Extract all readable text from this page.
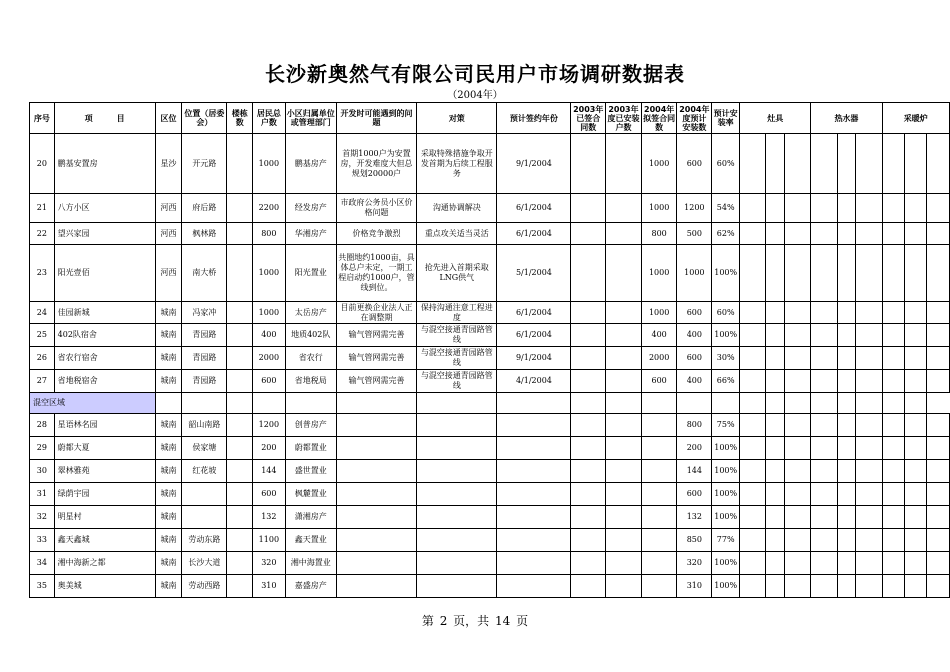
长沙新奥然气有限公司民用户市场调研数据表
（2004年）
序号	项　　　目	区位	位置（居委会）	楼栋数	居民总户数	小区归属单位或管理部门	开发时可能遇到的问题	对策	预计签约年份	2003年已签合同数	2003年度已安装户数	2004年拟签合同数	2004年度预计安装数	预计安装率	灶具			热水器			采暖炉		
20	鹏基安置房	星沙	开元路		1000	鹏基房产	首期1000户为安置房，开发难度大但总规划20000户	采取特殊措施争取开发首期为后续工程服务	9/1/2004			1000	600	60%									
21	八方小区	河西	府后路		2200	经发房产	市政府公务员小区价格问题	沟通协调解决	6/1/2004			1000	1200	54%									
22	望兴家园	河西	枫林路		800	华湘房产	价格竞争激烈	重点攻关适当灵活	6/1/2004			800	500	62%									
23	阳光壹佰	河西	南大桥		1000	阳光置业	共圈地约1000亩，具体总户未定，一期工程启动约1000户，管线到位。	抢先进入首期采取LNG供气	5/1/2004			1000	1000	100%									
24	佳园新城	城南	冯家冲		1000	太岳房产	目前更换企业法人正在调整期	保持沟通注意工程进度	6/1/2004			1000	600	60%									
25	402队宿舍	城南	青园路		400	地质402队	输气管网需完善	与混空接通青园路管线	6/1/2004			400	400	100%									
26	省农行宿舍	城南	青园路		2000	省农行	输气管网需完善	与混空接通青园路管线	9/1/2004			2000	600	30%									
27	省地税宿舍	城南	青园路		600	省地税局	输气管网需完善	与混空接通青园路管线	4/1/2004			600	400	66%									
混空区域																							
28	星语林名园	城南	韶山南路		1200	创普房产							800	75%									
29	蔚都大夏	城南	侯家塘		200	蔚都置业							200	100%									
30	翠林雅苑	城南	红花坡		144	盛世置业							144	100%									
31	绿荫宇园	城南			600	枫麓置业							600	100%									
32	明星村	城南			132	潇湘房产							132	100%									
33	鑫天鑫城	城南	劳动东路		1100	鑫天置业							850	77%									
34	湘中海新之都	城南	长沙大道		320	湘中海置业							320	100%									
35	奥美城	城南	劳动西路		310	嘉盛房产							310	100%									
第 2 页，共 14 页
